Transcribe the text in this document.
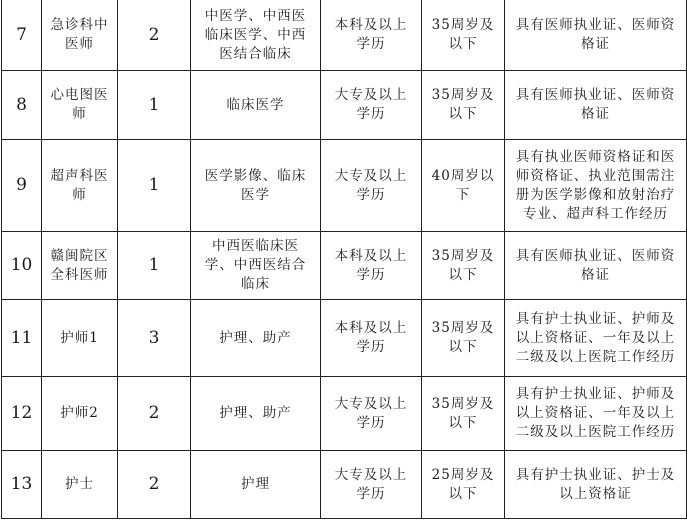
7	急诊科中医师	2	中医学、中西医临床医学、中西医结合临床	本科及以上学历	35周岁及以下	具有医师执业证、医师资格证
8	心电图医师	1	临床医学	大专及以上学历	35周岁及以下	具有医师执业证、医师资格证
9	超声科医师	1	医学影像、临床医学	大专及以上学历	40周岁以下	具有执业医师资格证和医师资格证、执业范围需注册为医学影像和放射治疗专业、超声科工作经历
10	赣闽院区全科医师	1	中西医临床医学、中西医结合临床	本科及以上学历	35周岁及以下	具有医师执业证、医师资格证
11	护师1	3	护理、助产	本科及以上学历	35周岁及以下	具有护士执业证、护师及以上资格证、一年及以上二级及以上医院工作经历
12	护师2	2	护理、助产	大专及以上学历	35周岁及以下	具有护士执业证、护师及以上资格证、一年及以上二级及以上医院工作经历
13	护士	2	护理	大专及以上学历	25周岁及以下	具有护士执业证、护士及以上资格证
